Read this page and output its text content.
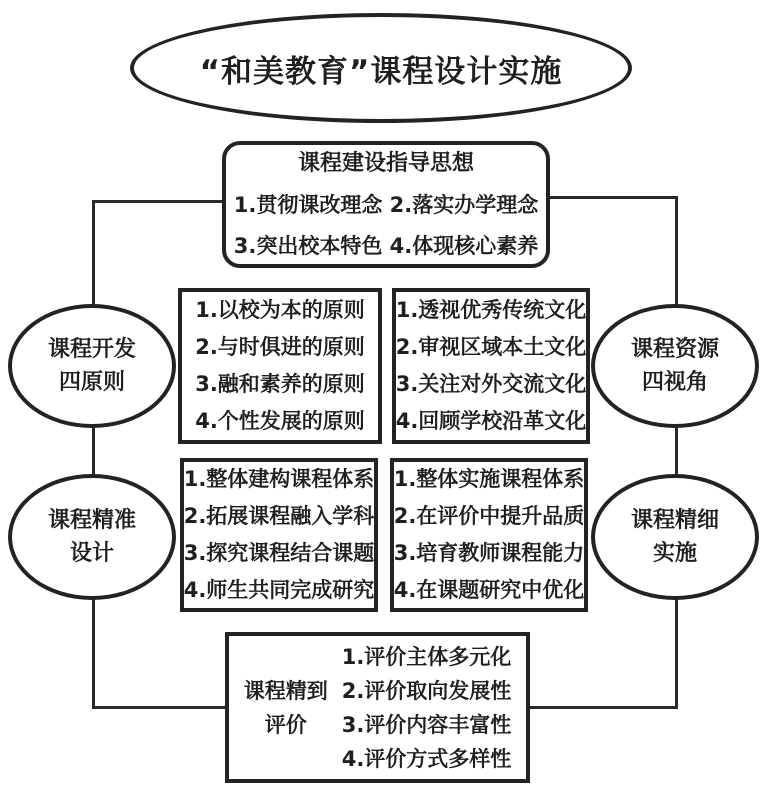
“和美教育”课程设计实施
课程建设指导思想
1.贯彻课改理念 2.落实办学理念
3.突出校本特色 4.体现核心素养
课程开发
四原则
1.以校为本的原则
2.与时俱进的原则
3.融和素养的原则
4.个性发展的原则
1.透视优秀传统文化
2.审视区域本土文化
3.关注对外交流文化
4.回顾学校沿革文化
课程资源
四视角
课程精准
设计
1.整体建构课程体系
2.拓展课程融入学科
3.探究课程结合课题
4.师生共同完成研究
1.整体实施课程体系
2.在评价中提升品质
3.培育教师课程能力
4.在课题研究中优化
课程精细
实施
课程精到
评价
1.评价主体多元化
2.评价取向发展性
3.评价内容丰富性
4.评价方式多样性
